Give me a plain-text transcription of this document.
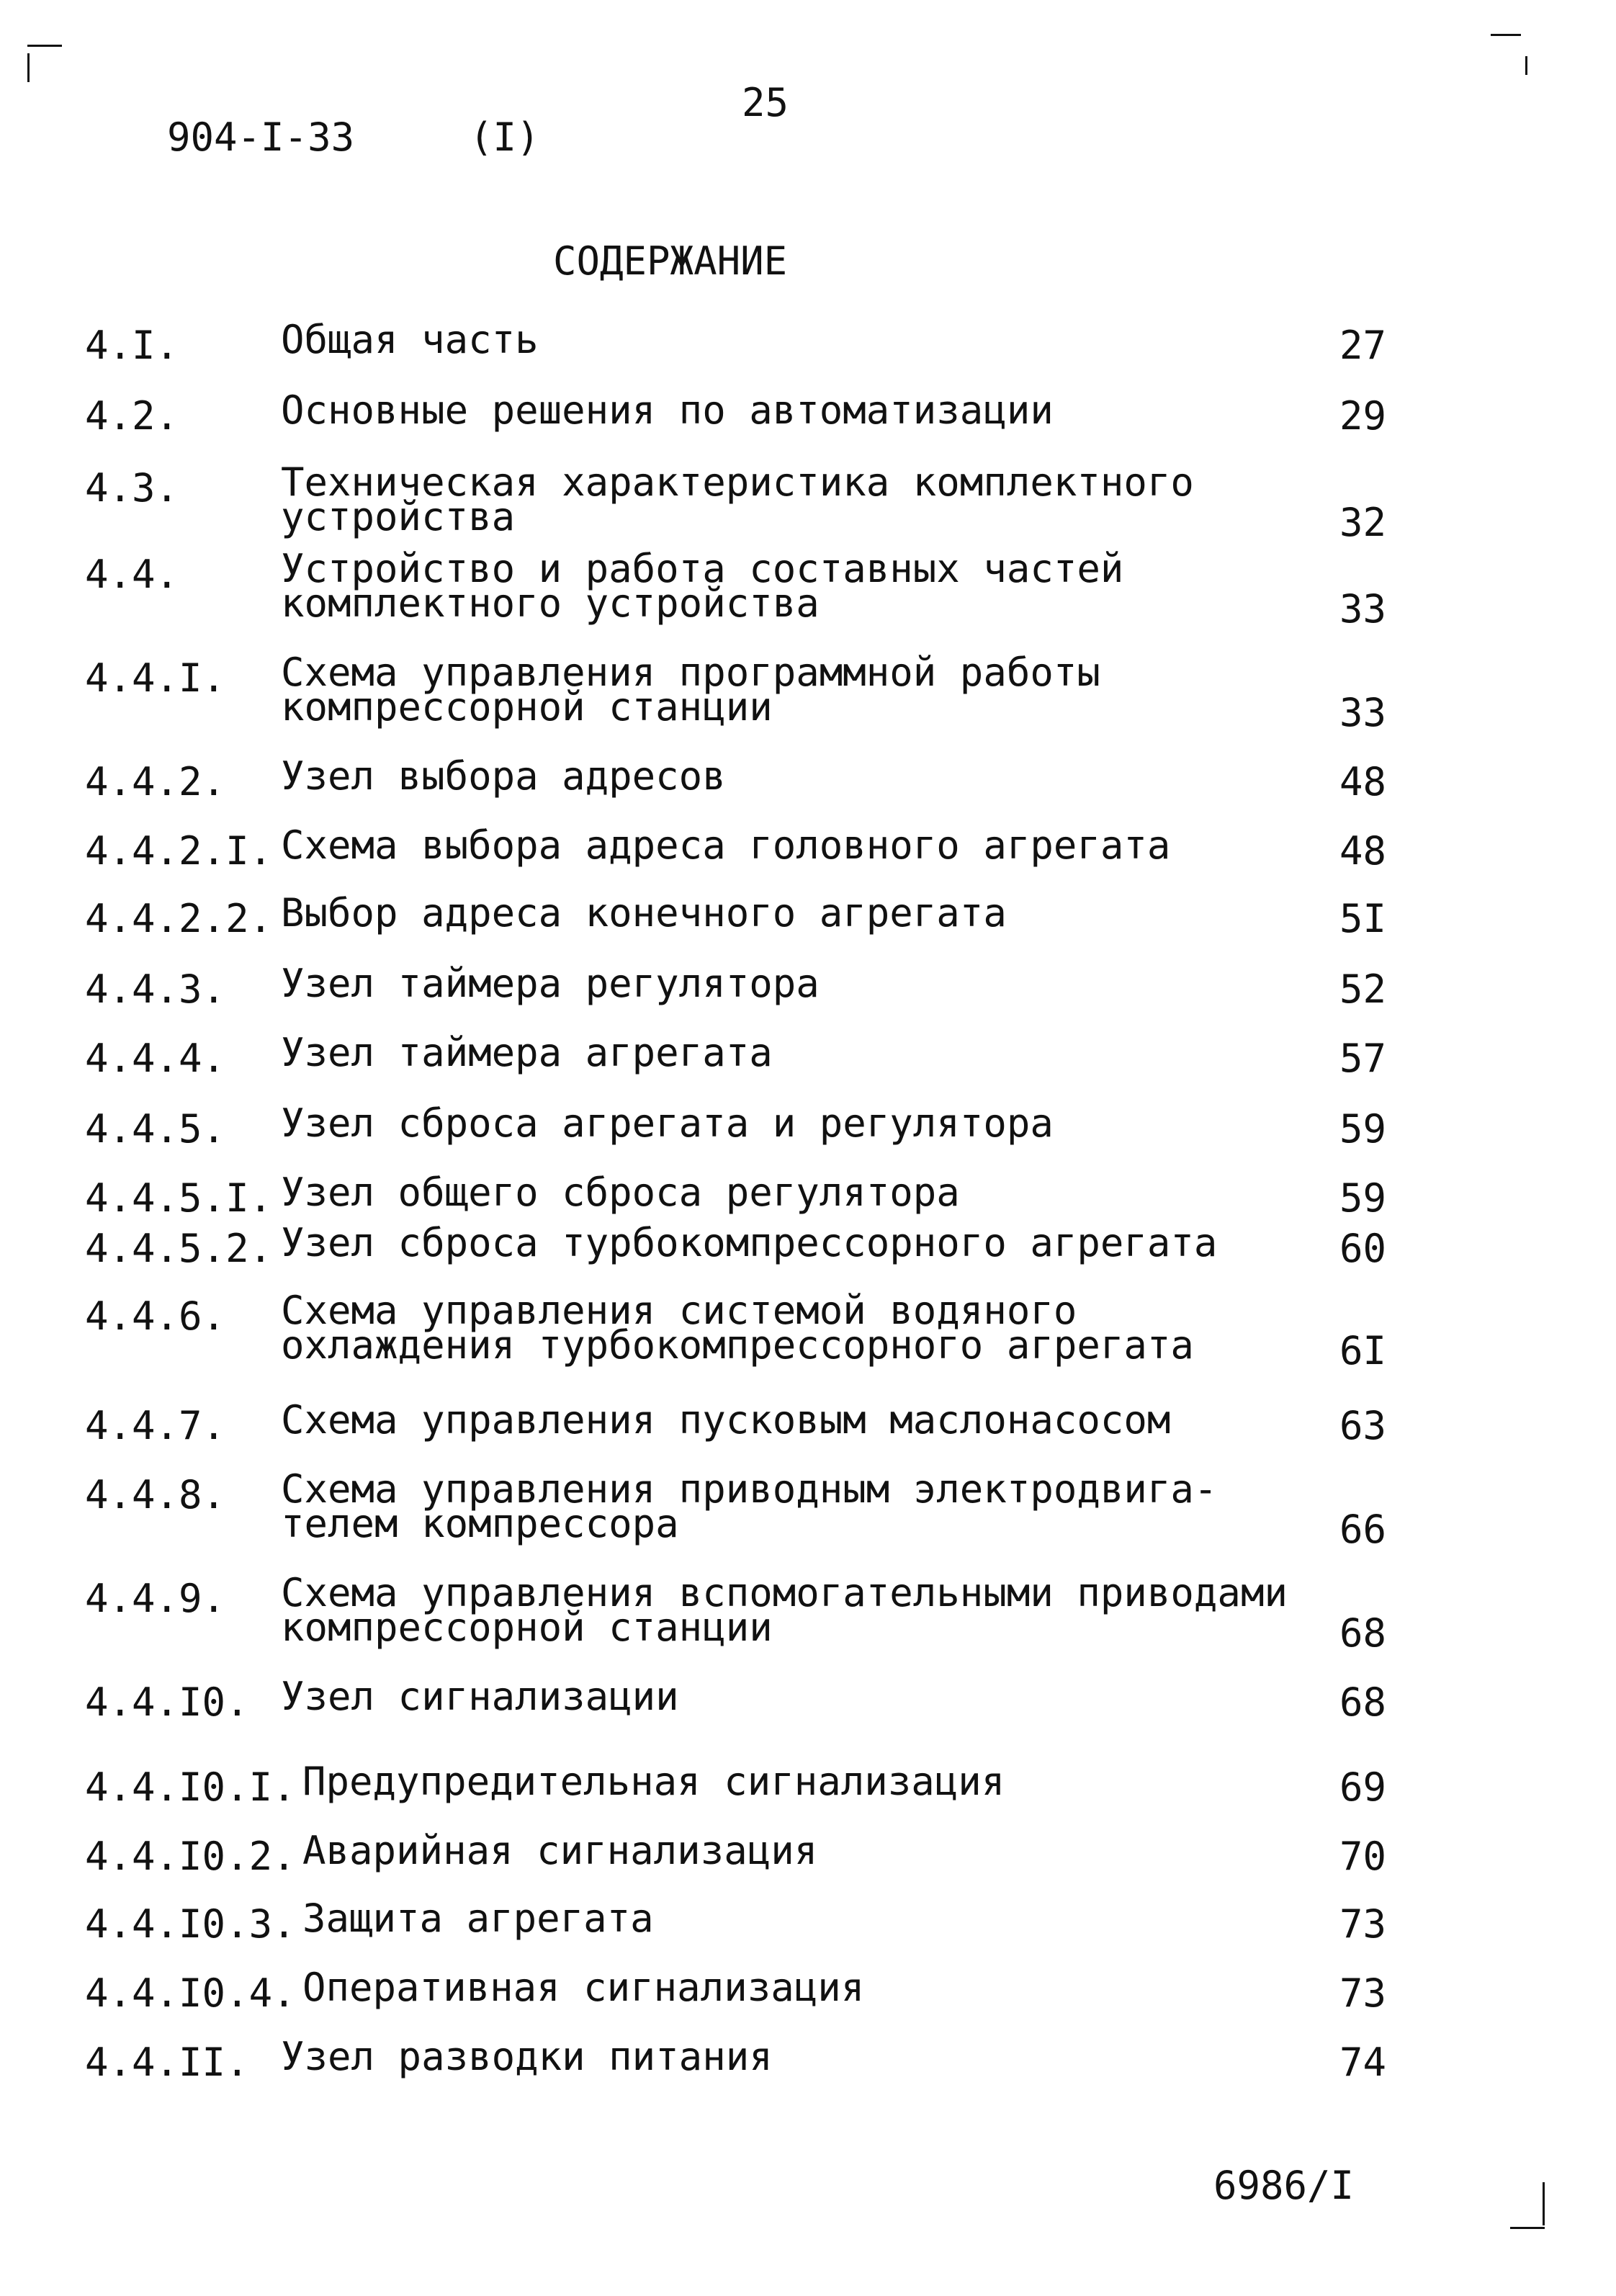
904-I-33	(I)
25
СОДЕРЖАНИЕ
4.I.	Общая часть	27
4.2.	Основные решения по автоматизации	29
4.3.	Техническая характеристика комплектного
устройства	32
4.4.	Устройство и работа составных частей
комплектного устройства	33
4.4.I. Схема управления программной работы
компрессорной станции	33
4.4.2. Узел выбора адресов	48
4.4.2.I. Схема выбора адреса головного агрегата	48
4.4.2.2. Выбор адреса конечного агрегата	5I
4.4.3. Узел таймера регулятора	52
4.4.4. Узел таймера агрегата	57
4.4.5. Узел сброса агрегата и регулятора	59
4.4.5.I. Узел общего сброса регулятора	59
4.4.5.2. Узел сброса турбокомпрессорного агрегата	60
4.4.6. Схема управления системой водяного
охлаждения турбокомпрессорного агрегата	6I
4.4.7. Схема управления пусковым маслонасосом	63
4.4.8. Схема управления приводным электродвига-
телем компрессора	66
4.4.9. Схема управления вспомогательными приводами
компрессорной станции	68
4.4.I0. Узел сигнализации	68
4.4.I0.I. Предупредительная сигнализация	69
4.4.I0.2. Аварийная сигнализация	70
4.4.I0.3. Защита агрегата	73
4.4.I0.4. Оперативная сигнализация	73
4.4.II. Узел разводки питания	74
6986/I
